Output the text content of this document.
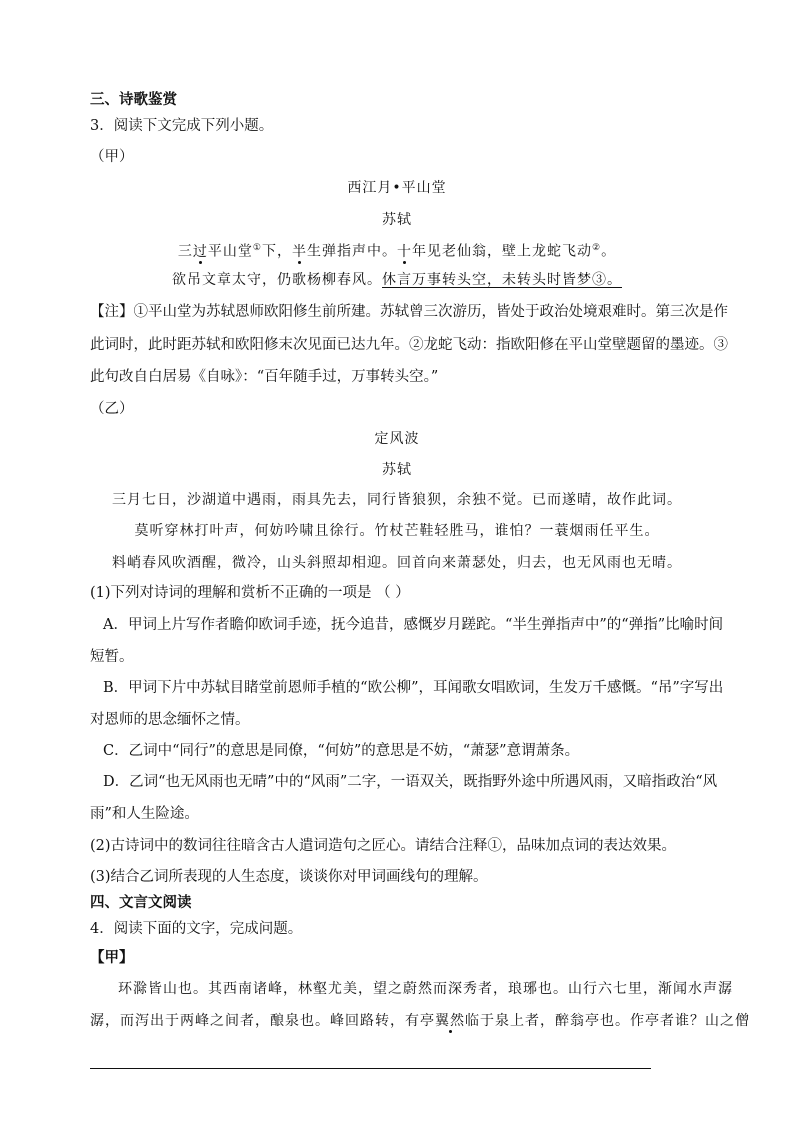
三、诗歌鉴赏
3．阅读下文完成下列小题。
（甲）
西江月•平山堂
苏轼
三过平山堂①下，半生弹指声中。十年见老仙翁，壁上龙蛇飞动②。
欲吊文章太守，仍歌杨柳春风。休言万事转头空，未转头时皆梦③。
【注】①平山堂为苏轼恩师欧阳修生前所建。苏轼曾三次游历，皆处于政治处境艰难时。第三次是作
此词时，此时距苏轼和欧阳修末次见面已达九年。②龙蛇飞动：指欧阳修在平山堂壁题留的墨迹。③
此句改自白居易《自咏》：“百年随手过，万事转头空。”
（乙）
定风波
苏轼
三月七日，沙湖道中遇雨，雨具先去，同行皆狼狈，余独不觉。已而遂晴，故作此词。
莫听穿林打叶声，何妨吟啸且徐行。竹杖芒鞋轻胜马，谁怕？一蓑烟雨任平生。
料峭春风吹酒醒，微冷，山头斜照却相迎。回首向来萧瑟处，归去，也无风雨也无晴。
(1)下列对诗词的理解和赏析不正确的一项是 （ ）
A．甲词上片写作者瞻仰欧词手迹，抚今追昔，感慨岁月蹉跎。“半生弹指声中”的“弹指”比喻时间
短暂。
B．甲词下片中苏轼目睹堂前恩师手植的“欧公柳”，耳闻歌女唱欧词，生发万千感慨。“吊”字写出
对恩师的思念缅怀之情。
C．乙词中“同行”的意思是同僚，“何妨”的意思是不妨，“萧瑟”意谓萧条。
D．乙词“也无风雨也无晴”中的“风雨”二字，一语双关，既指野外途中所遇风雨，又暗指政治“风
雨”和人生险途。
(2)古诗词中的数词往往暗含古人遣词造句之匠心。请结合注释①，品味加点词的表达效果。
(3)结合乙词所表现的人生态度，谈谈你对甲词画线句的理解。
四、文言文阅读
4．阅读下面的文字，完成问题。
【甲】
环滁皆山也。其西南诸峰，林壑尤美，望之蔚然而深秀者，琅琊也。山行六七里，渐闻水声潺
潺，而泻出于两峰之间者，酿泉也。峰回路转，有亭翼然临于泉上者，醉翁亭也。作亭者谁？山之僧
